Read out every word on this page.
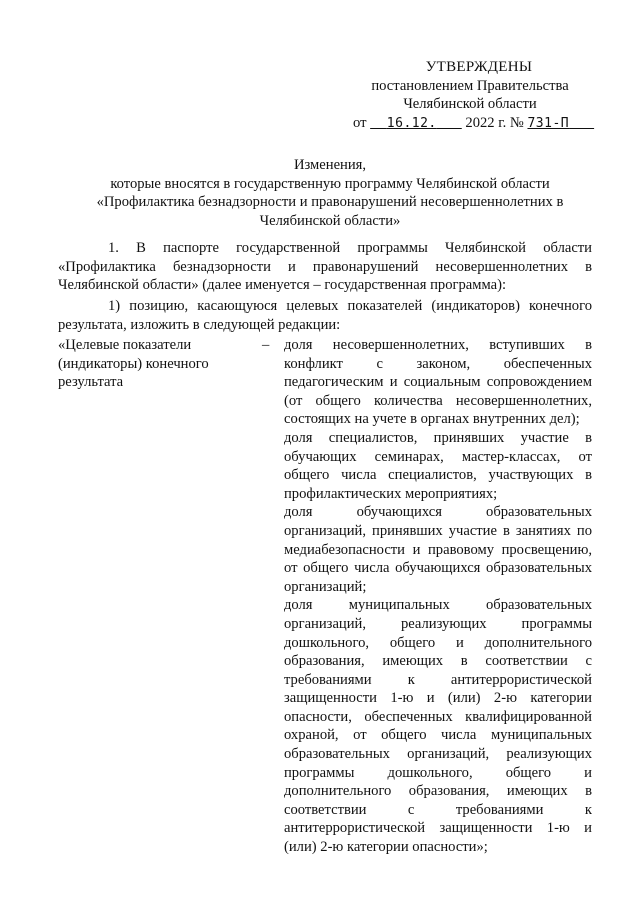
УТВЕРЖДЕНЫ
постановлением Правительства
Челябинской области
от 16.12. 2022 г. № 731-П
Изменения,
которые вносятся в государственную программу Челябинской области
«Профилактика безнадзорности и правонарушений несовершеннолетних в
Челябинской области»
1. В паспорте государственной программы Челябинской области «Профилактика безнадзорности и правонарушений несовершеннолетних в Челябинской области» (далее именуется – государственная программа):
1) позицию, касающуюся целевых показателей (индикаторов) конечного результата, изложить в следующей редакции:
«Целевые показатели (индикаторы) конечного результата
– доля несовершеннолетних, вступивших в конфликт с законом, обеспеченных педагогическим и социальным сопровождением (от общего количества несовершеннолетних, состоящих на учете в органах внутренних дел);

доля специалистов, принявших участие в обучающих семинарах, мастер-классах, от общего числа специалистов, участвующих в профилактических мероприятиях;

доля обучающихся образовательных организаций, принявших участие в занятиях по медиабезопасности и правовому просвещению, от общего числа обучающихся образовательных организаций;

доля муниципальных образовательных организаций, реализующих программы дошкольного, общего и дополнительного образования, имеющих в соответствии с требованиями к антитеррористической защищенности 1-ю и (или) 2-ю категории опасности, обеспеченных квалифицированной охраной, от общего числа муниципальных образовательных организаций, реализующих программы дошкольного, общего и дополнительного образования, имеющих в соответствии с требованиями к антитеррористической защищенности 1-ю и (или) 2-ю категории опасности»;
